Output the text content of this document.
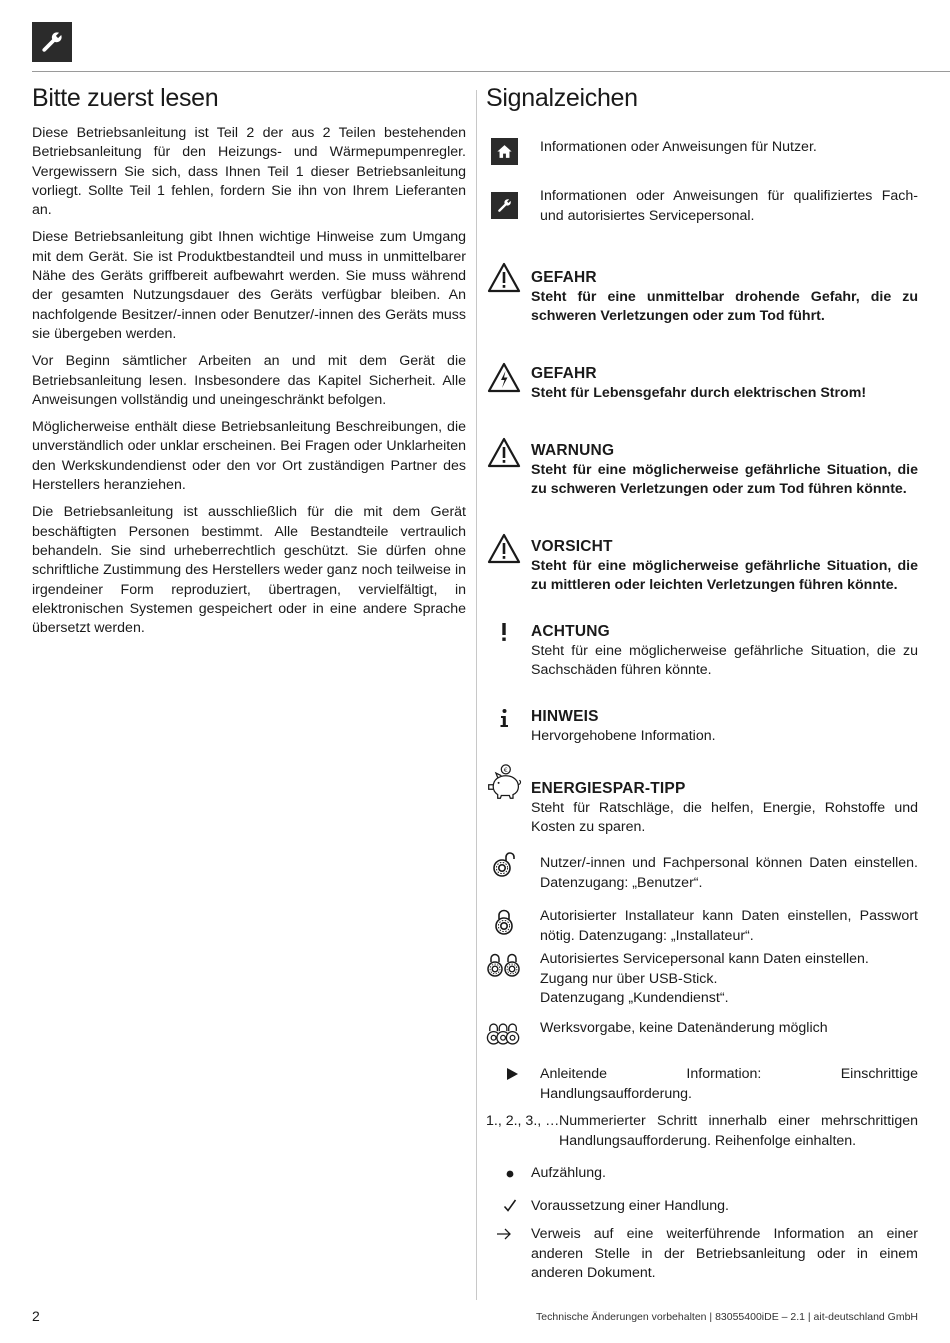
Bitte zuerst lesen

Diese Betriebsanleitung ist Teil 2 der aus 2 Teilen bestehenden Betriebsanleitung für den Heizungs- und Wärmepumpenregler. Vergewissern Sie sich, dass Ihnen Teil 1 dieser Betriebsanleitung vorliegt. Sollte Teil 1 fehlen, fordern Sie ihn von Ihrem Lieferanten an.

Diese Betriebsanleitung gibt Ihnen wichtige Hinweise zum Umgang mit dem Gerät. Sie ist Produktbestandteil und muss in unmittelbarer Nähe des Geräts griffbereit aufbewahrt werden. Sie muss während der gesamten Nutzungsdauer des Geräts verfügbar bleiben. An nachfolgende Besitzer/-innen oder Benutzer/-innen des Geräts muss sie übergeben werden.

Vor Beginn sämtlicher Arbeiten an und mit dem Gerät die Betriebsanleitung lesen. Insbesondere das Kapitel Sicherheit. Alle Anweisungen vollständig und uneingeschränkt befolgen.

Möglicherweise enthält diese Betriebsanleitung Beschreibungen, die unverständlich oder unklar erscheinen. Bei Fragen oder Unklarheiten den Werkskundendienst oder den vor Ort zuständigen Partner des Herstellers heranziehen.

Die Betriebsanleitung ist ausschließlich für die mit dem Gerät beschäftigten Personen bestimmt. Alle Bestandteile vertraulich behandeln. Sie sind urheberrechtlich geschützt. Sie dürfen ohne schriftliche Zustimmung des Herstellers weder ganz noch teilweise in irgendeiner Form reproduziert, übertragen, vervielfältigt, in elektronischen Systemen gespeichert oder in eine andere Sprache übersetzt werden.

Signalzeichen
Informationen oder Anweisungen für Nutzer.
Informationen oder Anweisungen für qualifiziertes Fach- und autorisiertes Servicepersonal.
GEFAHR
Steht für eine unmittelbar drohende Gefahr, die zu schweren Verletzungen oder zum Tod führt.
GEFAHR
Steht für Lebensgefahr durch elektrischen Strom!
WARNUNG
Steht für eine möglicherweise gefährliche Situation, die zu schweren Verletzungen oder zum Tod führen könnte.
VORSICHT
Steht für eine möglicherweise gefährliche Situation, die zu mittleren oder leichten Verletzungen führen könnte.
ACHTUNG
Steht für eine möglicherweise gefährliche Situation, die zu Sachschäden führen könnte.
HINWEIS
Hervorgehobene Information.
€
ENERGIESPAR-TIPP
Steht für Ratschläge, die helfen, Energie, Rohstoffe und Kosten zu sparen.
Nutzer/-innen und Fachpersonal können Daten einstellen. Datenzugang: „Benutzer“.
Autorisierter Installateur kann Daten einstellen, Passwort nötig. Datenzugang: „Installateur“.
Autorisiertes Servicepersonal kann Daten einstellen.
Zugang nur über USB-Stick.
Datenzugang „Kundendienst“.
Werksvorgabe, keine Datenänderung möglich
Anleitende Information: Einschrittige Handlungsaufforderung.
1., 2., 3., … Nummerierter Schritt innerhalb einer mehrschrittigen Handlungsaufforderung. Reihenfolge einhalten.
Aufzählung.
Voraussetzung einer Handlung.
Verweis auf eine weiterführende Information an einer anderen Stelle in der Betriebsanleitung oder in einem anderen Dokument.
2	Technische Änderungen vorbehalten | 83055400iDE – 2.1 | ait-deutschland GmbH
